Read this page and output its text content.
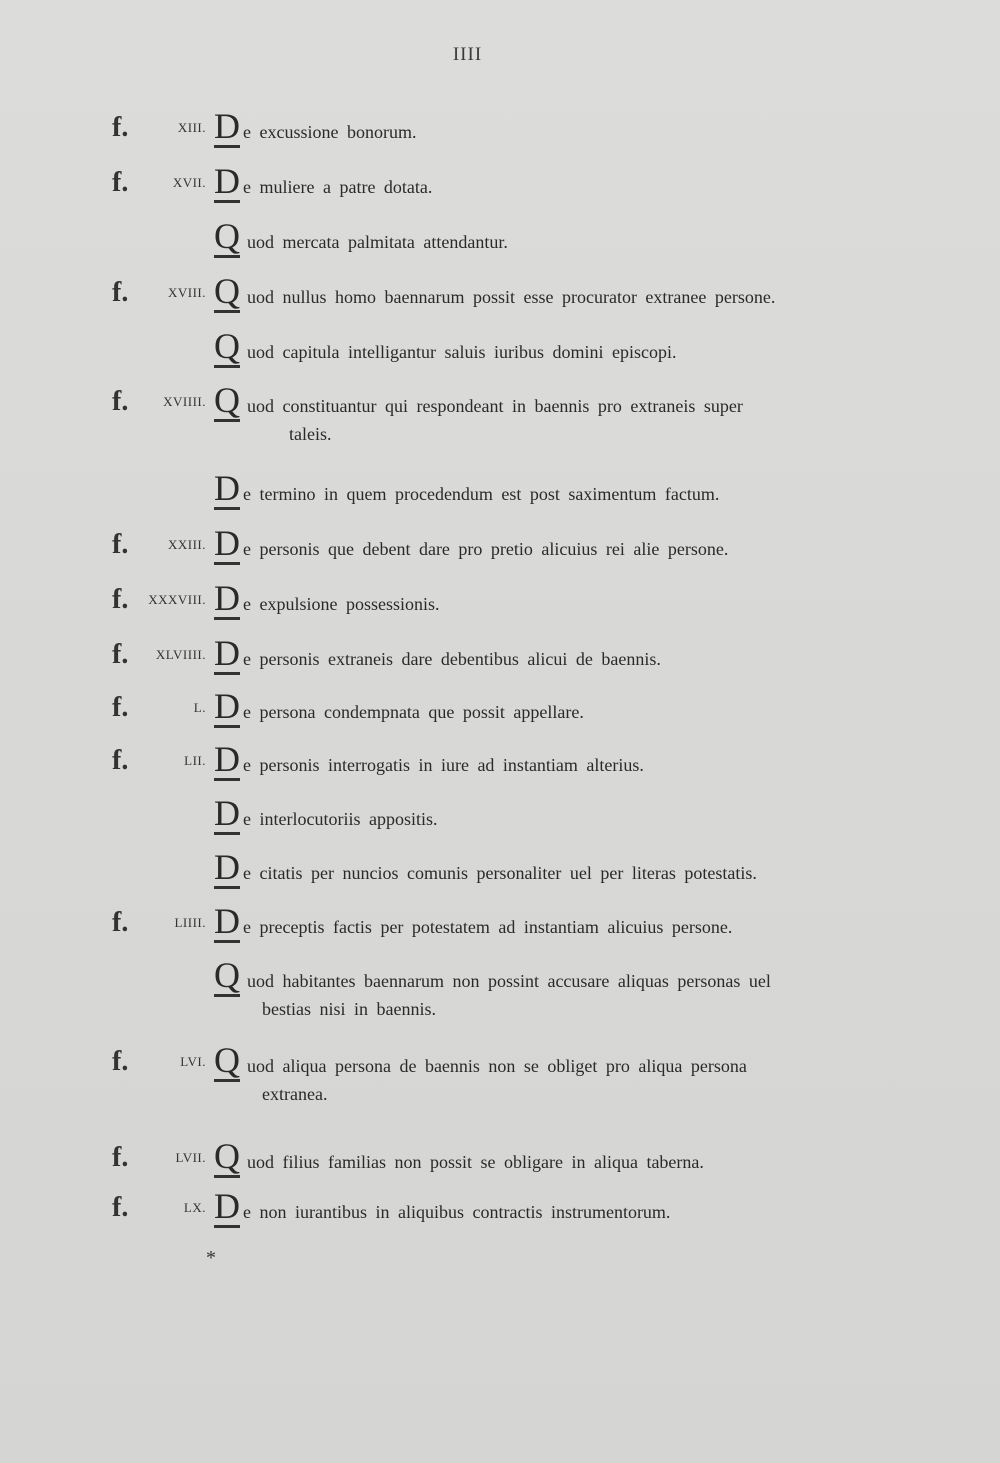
IIII
f.	XIII. D e excussione bonorum.
f.	XVII. D e muliere a patre dotata.
Q uod mercata palmitata attendantur.
f.	XVIII. Q uod nullus homo baennarum possit esse procurator extranee persone.
Q uod capitula intelligantur saluis iuribus domini episcopi.
f.	XVIIII. Q uod constituantur qui respondeant in baennis pro extraneis super
taleis.
D e termino in quem procedendum est post saximentum factum.
f.	XXIII. D e personis que debent dare pro pretio alicuius rei alie persone.
f. XXXVIII. D e expulsione possessionis.
f. XLVIIII. D e personis extraneis dare debentibus alicui de baennis.
f.	L. D e persona condempnata que possit appellare.
f.	LII. D e personis interrogatis in iure ad instantiam alterius.
D e interlocutoriis appositis.
D e citatis per nuncios comunis personaliter uel per literas potestatis.
f.	LIIII. D e preceptis factis per potestatem ad instantiam alicuius persone.
Q uod habitantes baennarum non possint accusare aliquas personas uel
bestias nisi in baennis.
f.	LVI. Q uod aliqua persona de baennis non se obliget pro aliqua persona
extranea.
f.	LVII. Q uod filius familias non possit se obligare in aliqua taberna.
f.	LX. D e non iurantibus in aliquibus contractis instrumentorum.
*
